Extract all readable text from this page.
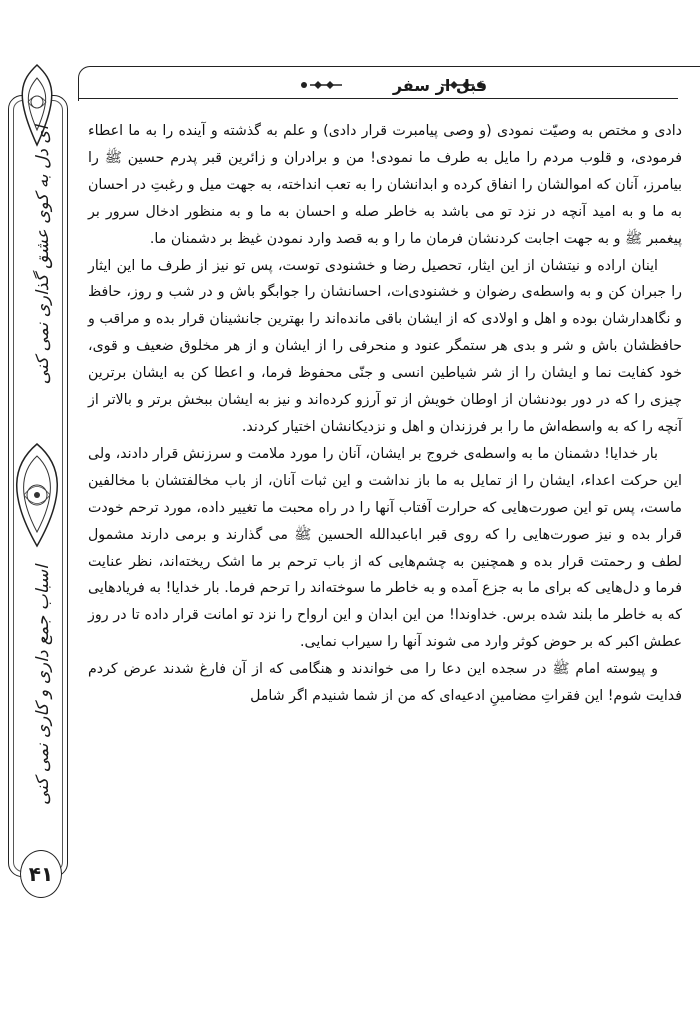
قبل از سفر
ای دل به کوی عشق گذاری نمی کنی
اسباب جمع داری و کاری نمی کنی
۴۱

دادی و مختص به وصیّت نمودی (و وصی پیامبرت قرار دادی) و علم به گذشته و آینده را به ما اعطاء فرمودی، و قلوب مردم را مایل به طرف ما نمودی! من و برادران و زائرین قبر پدرم حسین ﷺ را بیامرز، آنان که اموالشان را انفاق کرده و ابدانشان را به تعب انداخته، به جهت میل و رغبتِ در احسان به ما و به امید آنچه در نزد تو می باشد به خاطر صله و احسان به ما و به منظور ادخال سرور بر پیغمبر ﷺ و به جهت اجابت کردنشان فرمان ما را و به قصد وارد نمودن غیظ بر دشمنان ما.

اینان اراده و نیتشان از این ایثار، تحصیل رضا و خشنودی توست، پس تو نیز از طرف ما این ایثار را جبران کن و به واسطه‌ی رضوان و خشنودی‌ات، احسانشان را جوابگو باش و در شب و روز، حافظ و نگاهدارشان بوده و اهل و اولادی که از ایشان باقی مانده‌اند را بهترین جانشینان قرار بده و مراقب و حافظشان باش و شر و بدی هر ستمگر عنود و منحرفی را از ایشان و از هر مخلوق ضعیف و قوی، خود کفایت نما و ایشان را از شر شیاطین انسی و جنّی محفوظ فرما، و اعطا کن به ایشان برترین چیزی را که در دور بودنشان از اوطان خویش از تو آرزو کرده‌اند و نیز به ایشان ببخش برتر و بالاتر از آنچه را که به واسطه‌اش ما را بر فرزندان و اهل و نزدیکانشان اختیار کردند.

بار خدایا! دشمنان ما به واسطه‌ی خروج بر ایشان، آنان را مورد ملامت و سرزنش قرار دادند، ولی این حرکت اعداء، ایشان را از تمایل به ما باز نداشت و این ثبات آنان، از باب مخالفتشان با مخالفین ماست، پس تو این صورت‌هایی که حرارت آفتاب آنها را در راه محبت ما تغییر داده، مورد ترحم خودت قرار بده و نیز صورت‌هایی را که روی قبر اباعبدالله الحسین ﷺ می گذارند و برمی دارند مشمول لطف و رحمتت قرار بده و همچنین به چشم‌هایی که از باب ترحم بر ما اشک ریخته‌اند، نظر عنایت فرما و دل‌هایی که برای ما به جزع آمده و به خاطر ما سوخته‌اند را ترحم فرما. بار خدایا! به فریادهایی که به خاطر ما بلند شده برس. خداوندا! من این ابدان و این ارواح را نزد تو امانت قرار داده تا در روز عطش اکبر که بر حوض کوثر وارد می شوند آنها را سیراب نمایی.

و پیوسته امام ﷺ در سجده این دعا را می خواندند و هنگامی که از آن فارغ شدند عرض کردم فدایت شوم! این فقراتِ مضامینِ ادعیه‌ای که من از شما شنیدم اگر شامل
